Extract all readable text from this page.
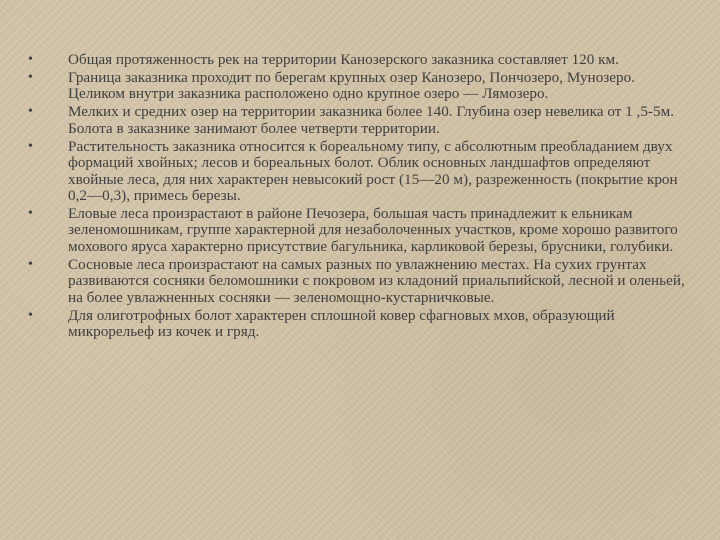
•	Общая протяженность рек на территории Канозерского заказника составляет 120 км.
•	Граница заказника проходит по берегам крупных озер Канозеро, Пончозеро, Мунозеро. Целиком внутри заказника расположено одно крупное озеро — Лямозеро.
•	Мелких и средних озер на территории заказника более 140. Глубина озер невелика от 1 ,5-5м. Болота в заказнике занимают более четверти территории.
•	Растительность заказника относится к бореальному типу, с абсолютным преобладанием двух формаций хвойных; лесов и бореальных болот. Облик основных ландшафтов определяют хвойные леса, для них характерен невысокий рост (15—20 м), разреженность (покрытие крон 0,2—0,3), примесь березы.
•	Еловые леса произрастают в районе Печозера, большая часть принадлежит к ельникам зеленомошникам, группе характерной для незаболоченных участков, кроме хорошо развитого мохового яруса характерно присутствие багульника, карликовой березы, брусники, голубики.
•	Сосновые леса произрастают на самых разных по увлажнению местах. На сухих грунтах развиваются сосняки беломошники с покровом из кладоний приальпийской, лесной и оленьей, на более увлажненных сосняки — зеленомощно-кустарничковые.
•	Для олиготрофных болот характерен сплошной ковер сфагновых мхов, образующий микрорельеф из кочек и гряд.
